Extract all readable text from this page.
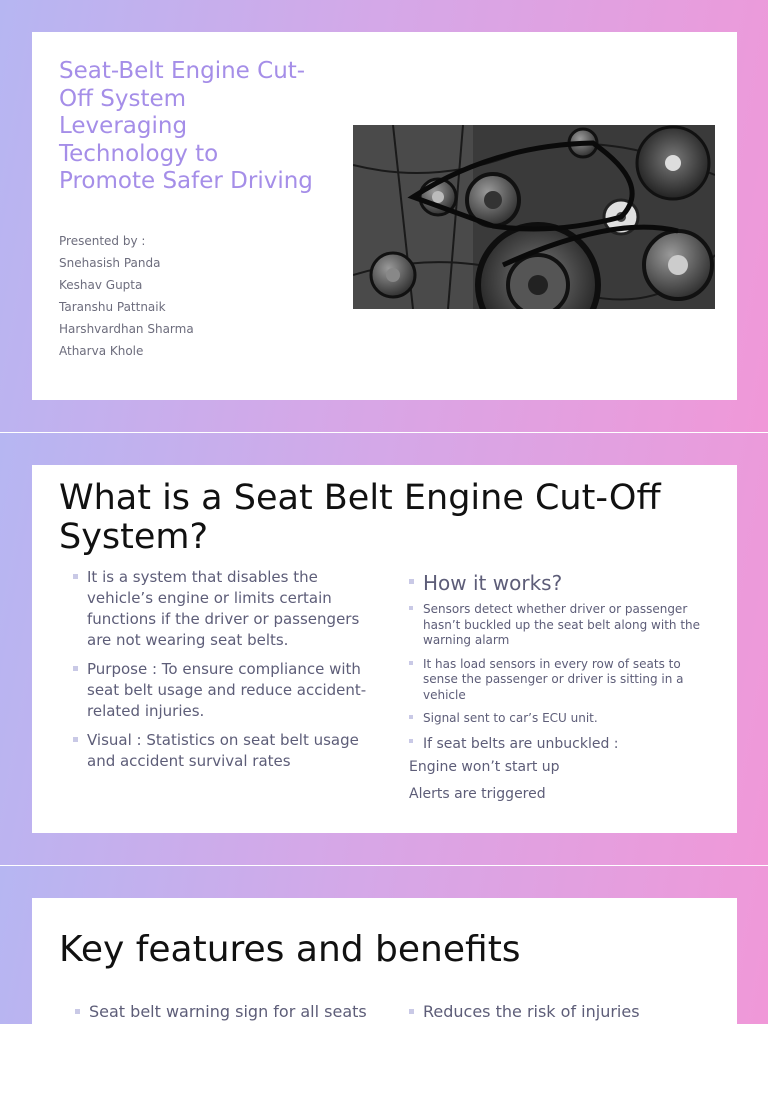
Seat-Belt Engine Cut-Off System Leveraging Technology to Promote Safer Driving
Presented by :
Snehasish Panda
Keshav Gupta
Taranshu Pattnaik
Harshvardhan Sharma
Atharva Khole
What is a Seat Belt Engine Cut-Off System?
It is a system that disables the vehicle’s engine or limits certain functions if the driver or passengers are not wearing seat belts.
Purpose : To ensure compliance with seat belt usage and reduce accident-related injuries.
Visual : Statistics on seat belt usage and accident survival rates
How it works?
Sensors detect whether driver or passenger hasn’t buckled up the seat belt along with the warning alarm
It has load sensors in every row of seats to sense the passenger or driver is sitting in a vehicle
Signal sent to car’s ECU unit.
If seat belts are unbuckled :

Engine won’t start up

Alerts are triggered

Key features and benefits
Seat belt warning sign for all seats	Reduces the risk of injuries
